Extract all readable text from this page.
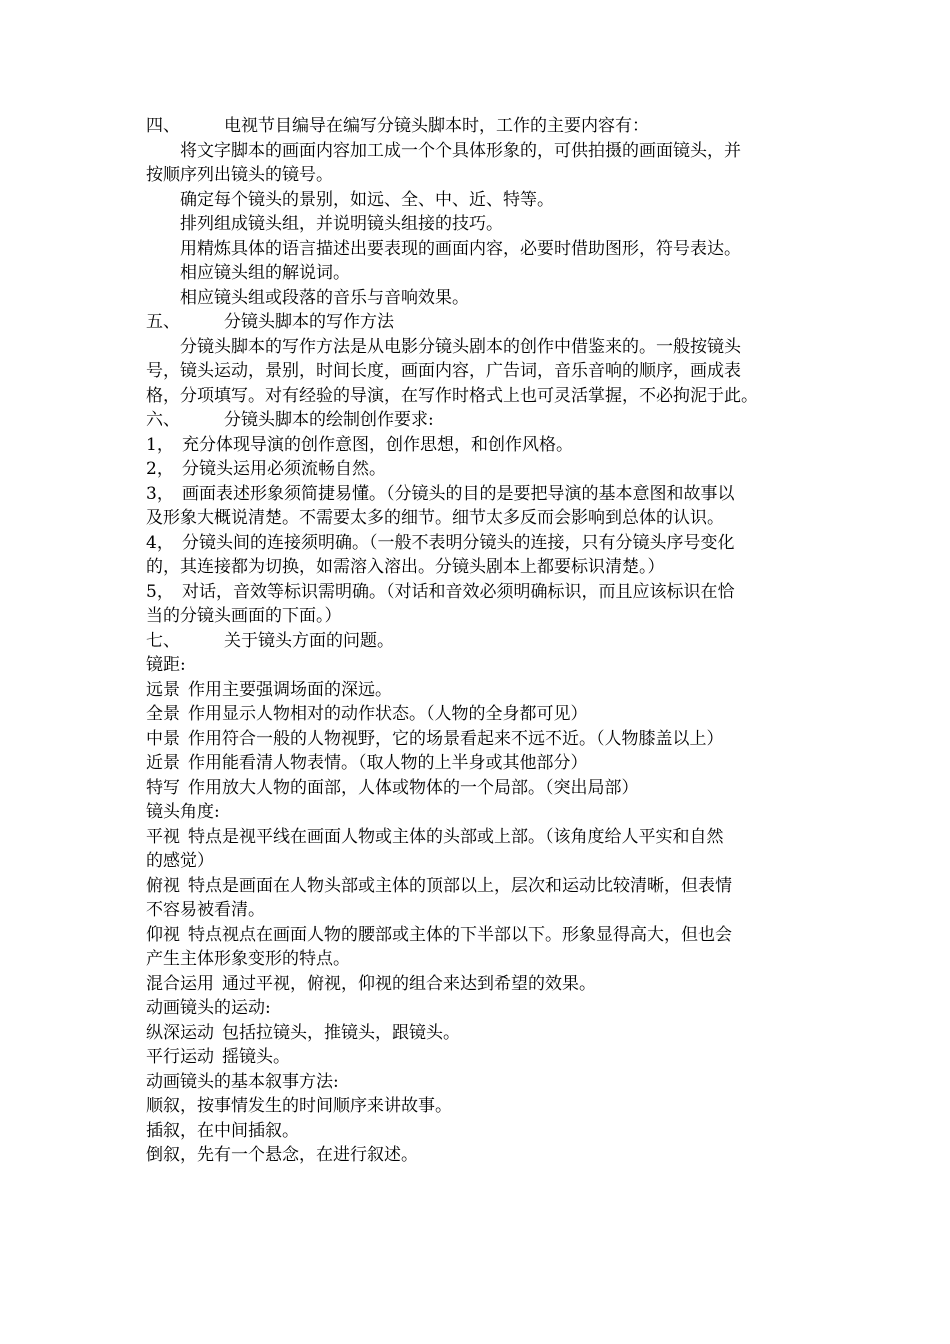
四、	电视节目编导在编写分镜头脚本时，工作的主要内容有：
将文字脚本的画面内容加工成一个个具体形象的，可供拍摄的画面镜头，并
按顺序列出镜头的镜号。
确定每个镜头的景别，如远、全、中、近、特等。
排列组成镜头组，并说明镜头组接的技巧。
用精炼具体的语言描述出要表现的画面内容，必要时借助图形，符号表达。
相应镜头组的解说词。
相应镜头组或段落的音乐与音响效果。
五、	分镜头脚本的写作方法
分镜头脚本的写作方法是从电影分镜头剧本的创作中借鉴来的。一般按镜头
号，镜头运动，景别，时间长度，画面内容，广告词，音乐音响的顺序，画成表
格，分项填写。对有经验的导演，在写作时格式上也可灵活掌握，不必拘泥于此。
六、	分镜头脚本的绘制创作要求:
1， 充分体现导演的创作意图，创作思想，和创作风格。
2， 分镜头运用必须流畅自然。
3， 画面表述形象须简捷易懂。（分镜头的目的是要把导演的基本意图和故事以
及形象大概说清楚。不需要太多的细节。细节太多反而会影响到总体的认识。
4， 分镜头间的连接须明确。（一般不表明分镜头的连接，只有分镜头序号变化
的，其连接都为切换，如需溶入溶出。分镜头剧本上都要标识清楚。）
5， 对话，音效等标识需明确。（对话和音效必须明确标识，而且应该标识在恰
当的分镜头画面的下面。）
七、	关于镜头方面的问题。
镜距:
远景 作用主要强调场面的深远。
全景 作用显示人物相对的动作状态。（人物的全身都可见）
中景 作用符合一般的人物视野，它的场景看起来不远不近。（人物膝盖以上）
近景 作用能看清人物表情。（取人物的上半身或其他部分）
特写 作用放大人物的面部，人体或物体的一个局部。（突出局部）
镜头角度:
平视 特点是视平线在画面人物或主体的头部或上部。（该角度给人平实和自然
的感觉）
俯视 特点是画面在人物头部或主体的顶部以上，层次和运动比较清晰，但表情
不容易被看清。
仰视 特点视点在画面人物的腰部或主体的下半部以下。形象显得高大，但也会
产生主体形象变形的特点。
混合运用 通过平视，俯视，仰视的组合来达到希望的效果。
动画镜头的运动:
纵深运动 包括拉镜头，推镜头，跟镜头。
平行运动 摇镜头。
动画镜头的基本叙事方法:
顺叙，按事情发生的时间顺序来讲故事。
插叙，在中间插叙。
倒叙，先有一个悬念，在进行叙述。
